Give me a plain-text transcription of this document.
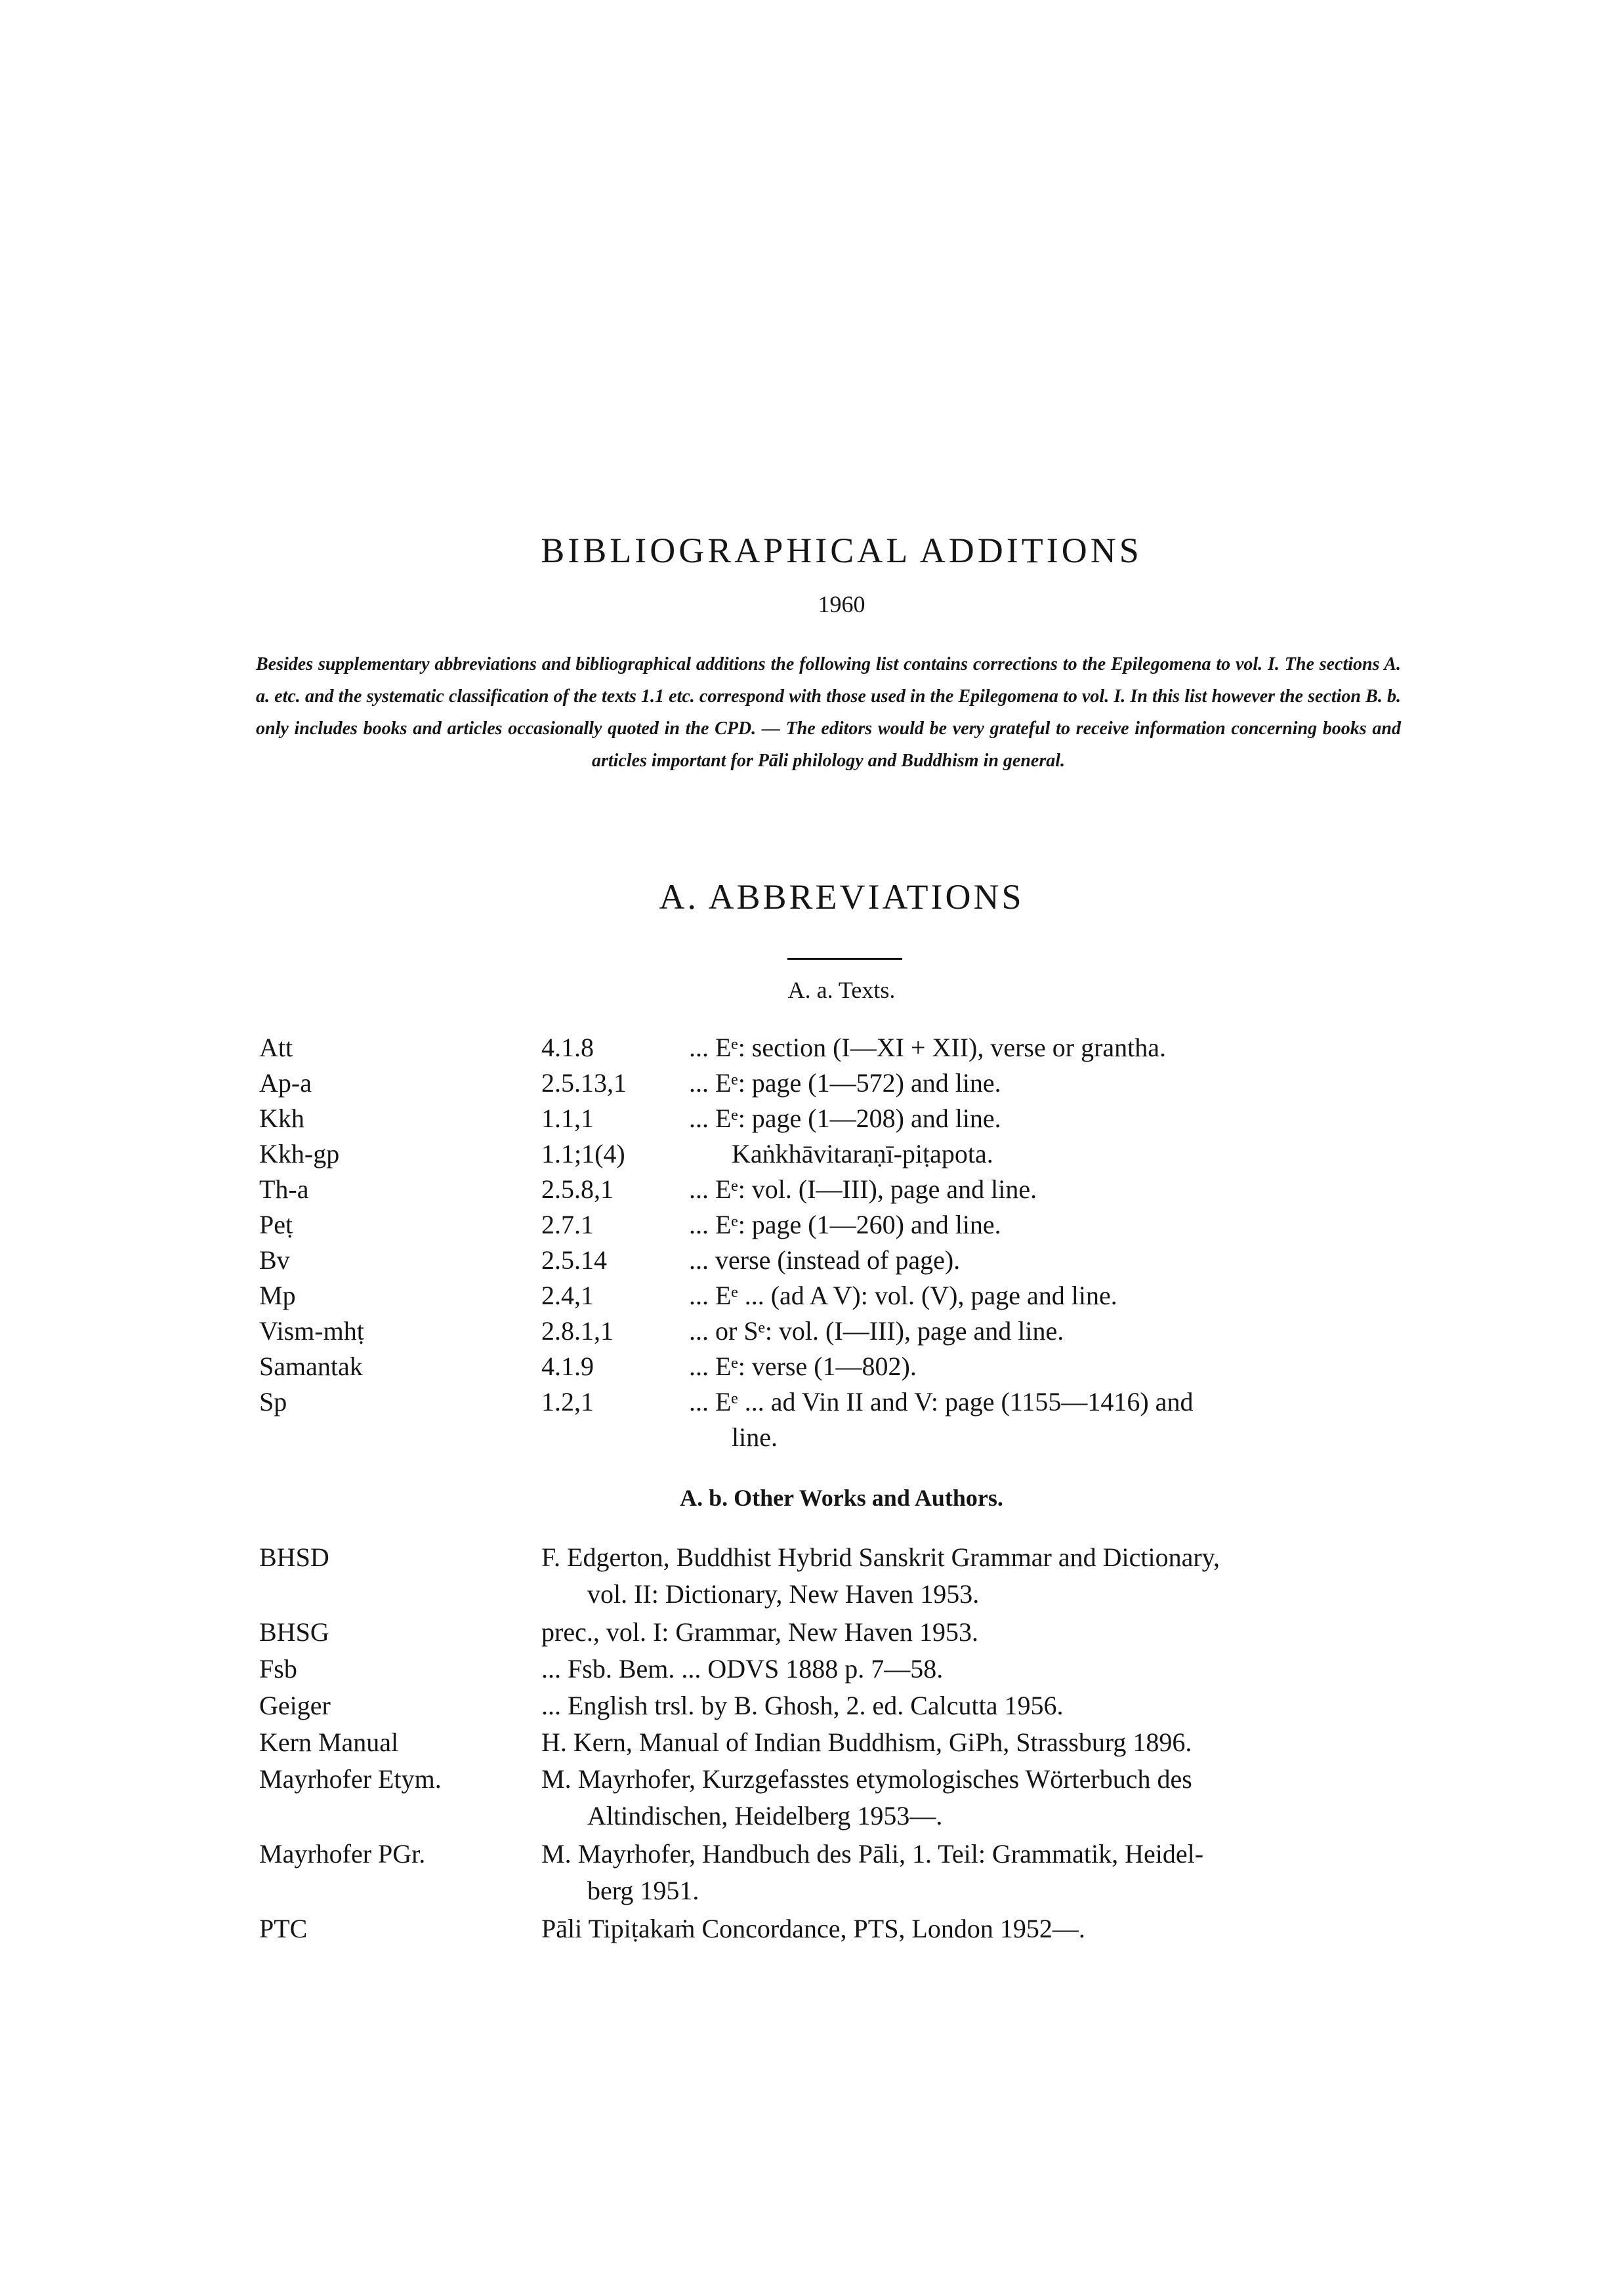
BIBLIOGRAPHICAL ADDITIONS
1960
Besides supplementary abbreviations and bibliographical additions the following list contains corrections to the Epilegomena to vol. I. The sections A. a. etc. and the systematic classification of the texts 1.1 etc. correspond with those used in the Epilegomena to vol. I. In this list however the section B. b. only includes books and articles occasionally quoted in the CPD. — The editors would be very grateful to receive information concerning books and articles important for Pāli philology and Buddhism in general.
A. ABBREVIATIONS
A. a. Texts.
Att	4.1.8	... Eᵉ: section (I—XI + XII), verse or grantha.
Ap-a	2.5.13,1	... Eᵉ: page (1—572) and line.
Kkh	1.1,1	... Eᵉ: page (1—208) and line.
Kkh-gp	1.1;1(4)	Kaṅkhāvitaraṇī-piṭapota.
Th-a	2.5.8,1	... Eᵉ: vol. (I—III), page and line.
Peṭ	2.7.1	... Eᵉ: page (1—260) and line.
Bv	2.5.14	... verse (instead of page).
Mp	2.4,1	... Eᵉ ... (ad A V): vol. (V), page and line.
Vism-mhṭ	2.8.1,1	... or Sᵉ: vol. (I—III), page and line.
Samantak	4.1.9	... Eᵉ: verse (1—802).
Sp	1.2,1	... Eᵉ ... ad Vin II and V: page (1155—1416) and
line.
A. b. Other Works and Authors.
BHSD	F. Edgerton, Buddhist Hybrid Sanskrit Grammar and Dictionary,
vol. II: Dictionary, New Haven 1953.
BHSG	prec., vol. I: Grammar, New Haven 1953.
Fsb	... Fsb. Bem. ... ODVS 1888 p. 7—58.
Geiger	... English trsl. by B. Ghosh, 2. ed. Calcutta 1956.
Kern Manual	H. Kern, Manual of Indian Buddhism, GiPh, Strassburg 1896.
Mayrhofer Etym.	M. Mayrhofer, Kurzgefasstes etymologisches Wörterbuch des
Altindischen, Heidelberg 1953—.
Mayrhofer PGr.	M. Mayrhofer, Handbuch des Pāli, 1. Teil: Grammatik, Heidel-
berg 1951.
PTC	Pāli Tipiṭakaṁ Concordance, PTS, London 1952—.
